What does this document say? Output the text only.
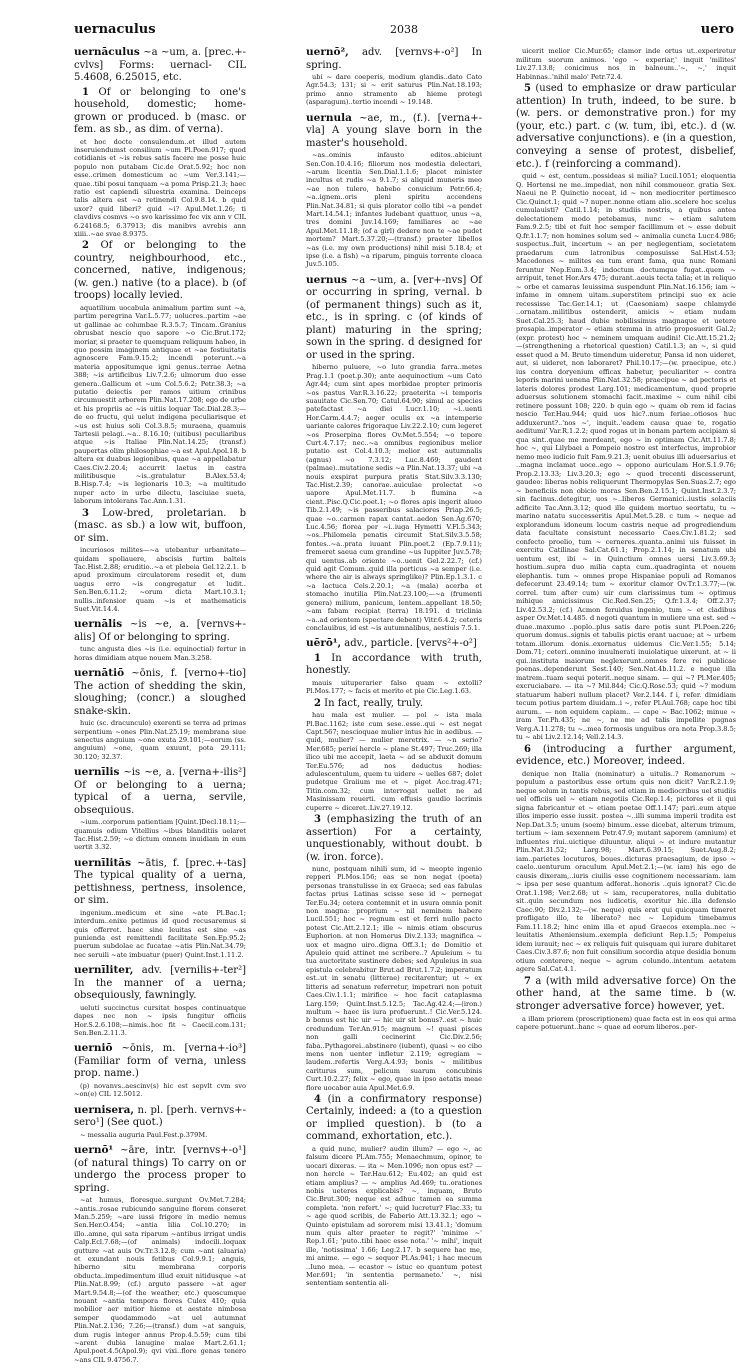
uernaculus	2038	uero
uernāculus ~a ~um, a. [prec.+-cvlvs] Forms: uernacl- CIL 5.4608, 6.25015, etc.
1 Of or belonging to one's household, domestic; home-grown or produced. b (masc. or fem. as sb., as dim. of verna).
et hoc docte consulendum..et illud autem inseruiendumst consilium ~um Pl.Poen.917; quod cotidianis et ~is rebus satis facere me posse huic populo non putabam Cic.de Orat.5.92; hoc non esse..crimen domesticum ac ~um Ver.3.141;—quae..tibi posui tanquam ~a poma Prisp.21.3; haec ratio est capiendi siluestria examina. Deinceps talis altera est ~a retinendi Col.9.8.14. b quid uxor? quid liberi? quid ~i? Apul.Met.1.26; ti clavdivs cosmvs ~o svo karissimo fec vix ann v CIL 6.24168.5; 6.37913; dis manibvs avrebis ann xiiii..~ae svae 8.9375.
2 Of or belonging to the country, neighbourhood, etc., concerned, native, indigenous; (w. gen.) native (to a place). b (of troops) locally levied.
aquatilium uocabula animalium partim sunt ~a, partim peregrina Var.L.5.77; uolucres..partim ~ae ut gallinae ac columbae R.3.5.7; Tincam..Granius obrusbat nescio quo sapore ~o Cic.Brut.172; moriar, si praeter te quemquam reliquum habeo, in quo possim imaginem antiquae et ~ae festiuitatis agnoscere Fam.9.15.2; incendi poterunt..~a materia appositumque igni genus..terrae Aetna 388; ~is artificibus Liv.7.2.6; ulmorum duo esse genera..Gallicum et ~um Col.5.6.2; Petr.38.3; ~a putatio deiectis per ramos uitium crinibus circumuestit arborem Plin.Nat.17.208; ego de urbe et his propriis ac ~is uitiis loquar Tac.Dial.28.3;—de eo fructu, qui uelut indigena peculiarisque et ~us est huius soli Col.3.8.5; muraena, quamuis Tartesii pelagi..~a.. 8.16.10; (uitibus) peculiaribus atque ~is Italiae Plin.Nat.14.25; (transf.) paupertas olim philosophiae ~a est Apul.Apol.18. b altera ex duabus legionibus, quae ~a appellabatur Caes.Civ.2.20.4; accurrit laetus in castra militibusque ~is..gratulatur B.Alex.53.4; B.Hisp.7.4; ~is legionaris 10.3; ~a multitudo nuper acto in urbe dilectu, lasciuiae sueta, laborum intolerans Tac.Ann.1.31.
3 Low-bred, proletarian. b (masc. as sb.) a low wit, buffoon, or sim.
incuriosos milites—~a utebantur urbanitate—quidam spoliauere, abscisis furtim balteis Tac.Hist.2.88; eruditio..~a et plebeia Gel.12.2.1. b apud proximum circulatorem resedit et, dum uagus erro ~is congregatur et ludit.. Sen.Ben.6.11.2; ~orum dicta Mart.10.3.1; nullis..infensior quam ~is et mathematicis Suet.Vit.14.4.
uernālis ~is ~e, a. [vernvs+-alis] Of or belonging to spring.
tunc angusta dies ~is (i.e. equinoctial) fertur in horas dimidiam atque nouem Man.3.258.
uernātiō ~ōnis, f. [verno+-tio] The action of shedding the skin, sloughing; (concr.) a sloughed snake-skin.
huic (sc. dracunculo) exerenti se terra ad primas serpentium ~ones Plin.Nat.25.19; membrana siue senectus anguium ~one exuta 29.101;—eorum (ss. anguium) ~one, quam exuunt, pota 29.111; 30.120; 32.37.
uernīlis ~is ~e, a. [verna+-ilis²] Of or belonging to a uerna; typical of a uerna, servile, obsequious.
~ium..corporum patientiam [Quint.]Decl.18.11;—quamuis odium Vitellius ~ibus blanditiis uelaret Tac.Hist.2.59; ~e dictum omnem inuidiam in eum uertit 3.32.
uernīlitās ~ātis, f. [prec.+-tas] The typical quality of a uerna, pettishness, pertness, insolence, or sim.
ingenium..medicum et sine ~ate Pl.Bac.1; interdum..enixe petimus id quod recusaremus si quis offerret. haec sine leuitas est sine ~as punienda est remittendi facilitate Sen.Ep.95.2; puerum subdolae ac fucatae ~atis Plin.Nat.34.79; nec seruili ~ate imbuatur (puer) Quint.Inst.1.11.2.
uernīliter, adv. [vernilis+-ter²] In the manner of a uerna; obsequiously, fawningly.
uelutí succinctus cursitat hospes continuatque dapes nec non ~ ipsis fungitur officiis Hor.S.2.6.108;—nimis..hoc fit ~ Caecil.com.131; Sen.Ben.2.11.3.
uerniō ~ōnis, m. [verna+-io³] (Familiar form of verna, unless prop. name.)
(p) novanvs..aescinv(s) hic est sepvlt cvm svo ~on(e) CIL 12.5012.
uernisera, n. pl. [perh. vernvs+-sero¹] (See quot.)
~ messalia auguria Paul.Fest.p.379M.
uernō¹ ~āre, intr. [vernvs+-o¹] (of natural things) To carry on or undergo the process proper to spring.
~at humus, floresque..surgunt Ov.Met.7.284; ~antis..rosae rubicundo sanguine florem conseret Man.5.259; ~are iussi frigore in medio nemus Sen.Her.O.454; ~antia lilia Col.10.270; in illo..amne, qui sata riparum ~antibus irrigat undis Calp.Ecl.7.68;—(of animals) indocili..loquax gutture ~at auis Ov.Tr.3.12.8; cum ~ant (aluaria) et exundant nouis fetibus Col.9.9.1; anguis, hiberno situ membrana corporis obducta..impedimentum illud exuit nitidusque ~at Plin.Nat.8.99; (cf.) arguto passere ~at ager Mart.9.54.8;—(of the weather, etc.) quoscumque nouant ~antia tempora flores Culex 410; quia mobilior aer mitior hieme et aestate nimbosa semper quodammodo ~at uel autumnat Plin.Nat.2.136; 7.26;—(transf.) dum ~at sanguis, dum rugis integer annus Prop.4.5.59; cum tibi ~arent dubia lanugine malae Mart.2.61.1; Apul.poet.4.5(Apol.9); qvi vixi..flore genas tenero ~ans CIL 9.4756.7.
uernō², adv. [vernvs+-o²] In spring.
ubi ~ dare coeperis, modium glandis..dato Cato Agr.54.3; 131; si ~ erit saturus Plin.Nat.18.193; primo anno stramento ab hieme protegi (asparagum)..tertio incendi ~ 19.148.
uernula ~ae, m., (f.). [verna+-vla] A young slave born in the master's household.
~as..ominis infausto editos..abiciunt Sen.Con.10.4.16; filiorum nos modestia delectari, ~arum licentia Sen.Dial.1.1.6; placet minister incultus et rudis ~a 9.1.7; si aliquid muneris meo ~ae non tulero, habebo conuicium Petr.66.4; ~a..ignem..oris pleni spiritu accendens Plin.Nat.34.81; si quis plorator collo tibi ~a pendet Mart.14.54.1; infantes ludebant quattuor, unus ~a, tres domini Juv.14.169; familiares ac ~ae Apul.Met.11.18; (of a girl) dedere non te ~ae pudet mortem? Mart.5.37.20;—(transf.) praeter libellos ~as (i.e. my own productions) nihil misi 5.18.4; et ipse (i.e. a fish) ~a riparum, pinguis torrente cloaca Juv.5.105.
uernus ~a ~um, a. [ver+-nvs] Of or occurring in spring, vernal. b (of permanent things) such as it, etc., is in spring. c (of kinds of plant) maturing in the spring; sown in the spring. d designed for or used in the spring.
hiberno puluere, ~o luto grandia farra..metes Prag.1.1 (poet.p.30); ante aequinoctium ~um Cato Agr.44; cum sint apes morbidae propter primoris ~os pastus Var.R.3.16.22; praeterita ~i temporis suauitate Cic.Sen.70; Catul.64.90; simul ac species patefactast ~a diei Lucr.1.10; ~i..uenti Hor.Carm.4.4.7; aeger oculis ex ~a intemperie uariante calores frigoraque Liv.22.2.10; cum legeret ~os Proserpina flores Ov.Met.5.554; ~o tepore Curt.4.7.17; nec..~a omnibus regionibus melior putatio est Col.4.10.3; melior est autumnalis (agnus) ~o 7.3.12; Luc.8.469; gaudent (palmae)..mutatione sedis ~a Plin.Nat.13.37; ubi ~a nouis exspirat purpura pratis Stat.Silv.3.3.130; Tac.Hist.2.39; canorae..auiculae prolectat ~o uapore Apul.Met.11.7. b flumina ~a cient..Pisc.Q.Cic.poet.1; ~o flores apis ingerit alueo Tib.2.1.49; ~is passeribus salaciores Priap.26.5; quae ~o..carmen rapax cantat..aedon Sen.Ag.670; Luc.4.56; florea per ~i..iuga Hymetti V.Fl.5.343; ~os..Philomela penatis circumit Stat.Silv.3.5.58; fontes..~a..prata iuuant Plin.poet.2 (Ep.7.9.11); fremeret saeua cum grandine ~us Iuppiter Juv.5.78; qui uentus..ab oriente ~o..uenit Gel.2.22.7; (cf.) quid agit Comum..quid illa porticus ~a semper (i.e. where the air is always springlike)? Plin.Ep.1.3.1. c ~a lactuca Cels.2.20.1; ~a (mala) acerba et stomacho inutilia Plin.Nat.23.100;—~a (frumenti genera) milium, panicum, lentem..appellant 18.50; ~am fabam recipiat (terra) 18.191. d triclinia ~a..ad orientem (spectare debent) Vitr.6.4.2; ceteris conclauibus, id est ~is autumnalibus, aestiuis 7.5.1.
uērō¹, adv., particle. [vervs²+-o²]
1 In accordance with truth, honestly.
mauis uituperarier falso quam ~ extolli? Pl.Mos.177; ~ facis et merito et pie Cic.Leg.1.63.
2 In fact, really, truly.
hau mala est mulier. — pol ~ ista mala Pl.Bac.1162; iste cum sese..esse..qui ~ est negat Capt.567; nescioquae mulier intus hic in aedibus. — quid, mulier? — mulier meretrix. — ~n serio? Mer.685; perieí hercle ~ plane St.497; Truc.269; illa ilico ubi me accepit, laeta ~ ad se abduxit domum Ter.Eu.576; ad nos deductus hodies: adulescentulum, quem tu uidere ~ uelles 687; dolet pudetque Graiium me et ~ piget Acc.trag.471; Titin.com.32; cum interrogat uellet ne ad Masinissam reuerti. cum effusis gaudio lacrimis cuperre ~ diceret..Liv.27.19.12.
3 (emphasizing the truth of an assertion) For a certainty, unquestionably, without doubt. b (w. iron. force).
nunc, postquam nihili sum, id ~ meopte ingenio repperi Pl.Mos.156; eas se non negat (poeta) personas transtulisse in ex Graeca; sed eas fabulas factas prius Latinas scisse sese id ~ pernegat Ter.Eu.34; cetera contemnit et in usura omnia ponit non magna: proprium ~ nil neminem habere Lucil.551; hoc ~ regnum est et ferri nullo pacto potest Cic.Att.2.12.1; ille ~ nimis etiam obscurus Euphorion. at non Homerus Div.2.133; magnifica ~ uox et magno uiro..digna Off.3.1; de Domitio et Apuleio quid attinet me scribere..? Apuleium ~ tu tua auctoritate sustinere debes; sed Apuleius in sua epistula celebrabitur Brut.ad Brut.1.7.2; imperatum est..ut in senatu (litterae) recitarentur; ut ~ ex litteris ad senatum referretur, impetrari non potuit Caes.Civ.1.1.1; mirifice ~ hoc facit cataplasma Larg.159; Quint.Inst.5.12.5; Tac.Ag.42.4;—(iron.) multum ~ haec iis iura profuerunt..! Cic.Ver.5.124. b bonus est hic uir — hic uir sit bonus?..est ~ huic credundum Ter.An.915; magnum ~! quasi pisces non galli cecinerint Cic.Div.2.56; faba..Pythagorei..abstinere (iubent), quasi ~ eo cibo mens non uenter infletur 2.119; egregiam ~ laudem..refertis Verg.A.4.93; bonis ~ militibus cariturus sum, pelicum suarum concubinis Curt.10.2.27; felix ~ ego, quae in ipso aetatis meae flore uocabor auia Apul.Met.6.9.
4 (in a confirmatory response) Certainly, indeed: a (to a question or implied question). b (to a command, exhortation, etc.).
a quid nunc, mulier? audin illum? — ego ~, ac falsum dicere Pl.Am.755; Menaechmum, opinor, te uocari dixeras. — ita ~ Men.1096; non opus est? — non hercle ~ Ter.Hau.612; Eu.402; an quid est etiam amplius? — ~ amplius Ad.469; tu..orationes nobis ueteres explicabis? ~, inquam, Bruto Cic.Brut.300; neque est adhuc tamen ea summa completa. 'non refert.' ~; quid lucretur? Flac.33; tu ~ age quod scribis, de Faberio Att.13.32.1; ego ~ Quinto epistulam ad sororem misi 13.41.1; 'domum num quis alter praeter te regit?' 'minime ~' Rep.1.61; 'puto..tibi haec esse nota.' '~ mihi', inquit ille, 'notissima' 1.66; Leg.2.17. b sequere hac me, mi anime. — ego ~ sequor Pl.As.941; i hac mecum ..Iuno mea. — ecastor ~ istuc eo quantum potest Mer.691; 'in sententia permaneto.' ~, nisi sententiam sententia ali-
uicerit melior Cic.Mur.65; clamor inde ortus ut..experiretur militum suorum animos. 'ego ~ experiar,' inquit 'milites' Liv.27.13.8; conicimus nos in balneum..'~, ~,' inquit Habinnas..'nihil malo' Petr.72.4.
5 (used to emphasize or draw particular attention) In truth, indeed, to be sure. b (w. pers. or demonstrative pron.) for my (your, etc.) part. c (w. tum, ibi, etc.). d (w. adversative conjunctions). e (in a question, conveying a sense of protest, disbelief, etc.). f (reinforcing a command).
quid ~ est, centum..possideas si milia? Lucil.1051; eloquentia Q. Hortensi ne me..impediat, non nihil commoueor. gratia Sex. Naeui ne P. Quinctio noceat, id ~ non mediocriter pertimesco Cic.Quinct.1; quid ~? nuper..nonne etiam alio..scelere hoc scelus cumulauisti? Catil.1.14; in studiis nostris, a quibus antea delectationem modo petebamus, nunc ~ etiam salutem Fam.9.2.5; tibi et fuit hoc semper facillimum et ~ esse debuit Q.fr.1.1.7; non homines solum sed ~ animalia cuncta Lucr.4.986; suspectus..fuit, incertum ~ an per neglegentiam, societatem praedarum cum latronibus composuisse Sal.Hist.4.53; Macedones ~ milites ea tum erant fama, qua nunc Romani feruntur Nep.Eum.3.4; indoctum doctumque fugat..quem ~ arripuit, tenet Hor.Ars 475; durant..aeuis tecta talia; et in reliquo ~ orbe et camaras leuissima suspendunt Plin.Nat.16.156; iam ~ infame in omnem uitam..superstitem principi suo ex acie recessisse Tac.Ger.14.1; ut (Caesoniam) saepe chlamyde ..ornatam..militibus ostenderit, amicis ~ etiam nudam Suet.Cal.25.3; haud dubie nobilissimus magnaque et uetere prosapia..imperator ~ etiam stemma in atrio proposuerit Gal.2; (expr. protest) hoc ~ neminem umquam audini! Cic.Att.15.21.2;—(strengthening a rhetorical question) Catil.1.3; an ~, si quid esset quod a M. Bruto timendum uideretur, Pansa id non uideret, aut, si uideret, non laboraret? Phil.10.17;—(w. praecipue, etc.) ius contra doryenium efficax habetur, peculiariter ~ contra leporis marini uenena Plin.Nat.32.58; praecipue ~ ad pectoris et lateris dolores prodest Larg.101; medicamentum, quod proprie aduersus solutionem stomachi facit..maxime ~ cum nihil cibi retinere possunt 108; 220. b quin ego ~ quam ob rem id facias nescio Ter.Hau.944; quid uos hic?..num feriae..otiosos huc adduxerunt?..'nos ~', inquit..'eadem causa quae te, rogatio aeditumi' Var.R.1.2.2; quod rogas ut in bonam partem accipiam si qua sint..quae me mordeant, ego ~ in optimam Cic.Att.11.7.8; hoc ~, qui Lilybaei a Pompeio nostro est interfectus, improbior nemo meo iudicio fuit Fam.9.21.3; uenit obuius illi aduersarius et ..magna inclamat uoce..ego ~ oppono auriculam Hor.S.1.9.76; Prop.2.13.33; Liv.3.20.3; ego ~ quod trecenti discesserunt, gaudeo: liberas nobis reliquerunt Thermopylas Sen.Suas.2.7; ego ~ beneficiis non obicio moras Sen.Ben.2.15.1; Quint.Inst.2.3.7; sin facinus..detegitur, uos ~..liberos Germanici..iustis solaciis adficite Tac.Ann.3.12; quod ille quidem mortuo seortatu, tu ~ marino natatu successeritis Apul.Met.5.28. c tum ~ neque ad explorandum idoneum locum castris neque ad progrediendum data facultate consistunt necessario Caes.Civ.1.81.2; sed confecto proelio, tum ~ cerneres..quanta..animi uis fuisset in exercitu Catilinae Sal.Cat.61.1; Prop.2.1.14; in senatum ubi uentum est, ibi ~ in Quinctium omnes uersi Liv.3.69.3; hostium..supra duo milia capta cum..quadraginta et nouem elephantis. tum ~ omnes prope Hispaniae populi ad Romanos defecerunt 23.49.14; tum ~ exoritur clamor Ov.Tr.1.3.77;—(w. correl. tum after cum) uir cum clarissimus tum ~ optimus mihique amicissimus Cic.Red.Sen.25; Q.fr.1.3.4; Off.2.37; Liv.42.53.2; (cf.) Acmon feruidus ingenio, tum ~ et cladibus asper Ov.Met.14.485. d negoti quantum in muliere una est. sed ~ duae..maxumo ..poplo..plus satis dare potis sunt Pl.Poen.226; quorum domus..signis et tabulis pictis erant uacuae; at ~ urbem totam..illorum donis..exornatus uidemus Cic.Ver.1.55; 5.14; Dom.71; ceteri..omnino inuulnerati inuiolatique uixerunt. at ~ ii qui..instituta maiorum neglexerunt..omnes fere rei publicae poenas..dependerunt Sest.140; Sen.Nat.4b.11.2. e neque illa matrem..tuam sequi poterit..neque sinam. — qui ~? Pl.Mer.405; excruciabare. — ita ~? Mil.844; Cic.Q.Rosc.53; quid ~? modum statuarum haberi nullum placet? Ver.2.144. f i, refer. dimidiam tecum potius partem diuidam..i ~, refer Pl.Aul.768; cape hoc tibi aurum.. — non equidem capiam.. — cape ~ Bac.1062; minue ~ iram Ter.Ph.435; ne ~, ne me ad talis impellite pugnas Verg.A.11.278; tu ~..mea formosis unguibus ora nota Prop.3.8.5; tu ~ abi Liv.2.12.14; Vell.2.14.3.
6 (introducing a further argument, evidence, etc.) Moreover, indeed.
denique non Italia (nominatur) a uitulis..? Romanorum ~ populum a pastoribus esse ortum quis non dicit? Var.R.2.1.9; neque solum in tantis rebus, sed etiam in mediocribus uel studiis uel officiis uel ~ etiam negotiis Cic.Rep.1.4; pictores et ii qui signa fabricantur et ~ etiam poetae Off.1.147; pari..eum atque illos imperio esse iussit. postea ~..illi summa imperii tradita est Nep.Dat.3.5; unum (soem) bimum..esse dicebat, alterum trimum, tertium ~ iam sexennem Petr.47.9; mutant saporem (amnium) et influentes riui..uictique diluuntur. aliqui ~ et indure mutantur Plin.Nat.31.52; Larg.98; Mart.6.39.15; Suet.Aug.8.2; iam..parietes locuturos, boues..dicturas praesagium, de ipso ~ caelo..uenturum oraculum Apul.Met.2.1;—(w. iam) his ego de causis dixeram,..iuris ciuilis esse cognitionem necessariam. iam ~ ipsa per sese quantum adferat..honoris ..quis ignorat? Cic.de Orat.1.198; Ver.2.68; ut ~ iam, recuperatores, nulla dubitatio sit..quin secundum nos iudicetis, exoritur hic..illa defensio Caec.90; Div.2.132;—(w. neque) quis erat qui quicquam timeret profligato illo, te liberato? nec ~ Lepidum timebamus Fam.11.18.2; hinc enim illa et apud Graecos exempla..nec ~ leuitatis Atheniensium..exempla deficiunt Rep.1.5; Pompeius idem iurauit; nec ~ ex reliquis fuit quisquam qui iurare dubitaret Caes.Civ.3.87.6; non fuit consilium socordia atque desidia bonum otium conterere, neque ~ agrum colundo..intentum aetatem agere Sal.Cat.4.1.
7 a (with mild adversative force) On the other hand, at the same time. b (w. stronger adversative force) however, yet.
a illam priorem (proscriptionem) quae facta est in eos qui arma capere potuerunt..hanc ~ quae ad eorum liberos..per-
